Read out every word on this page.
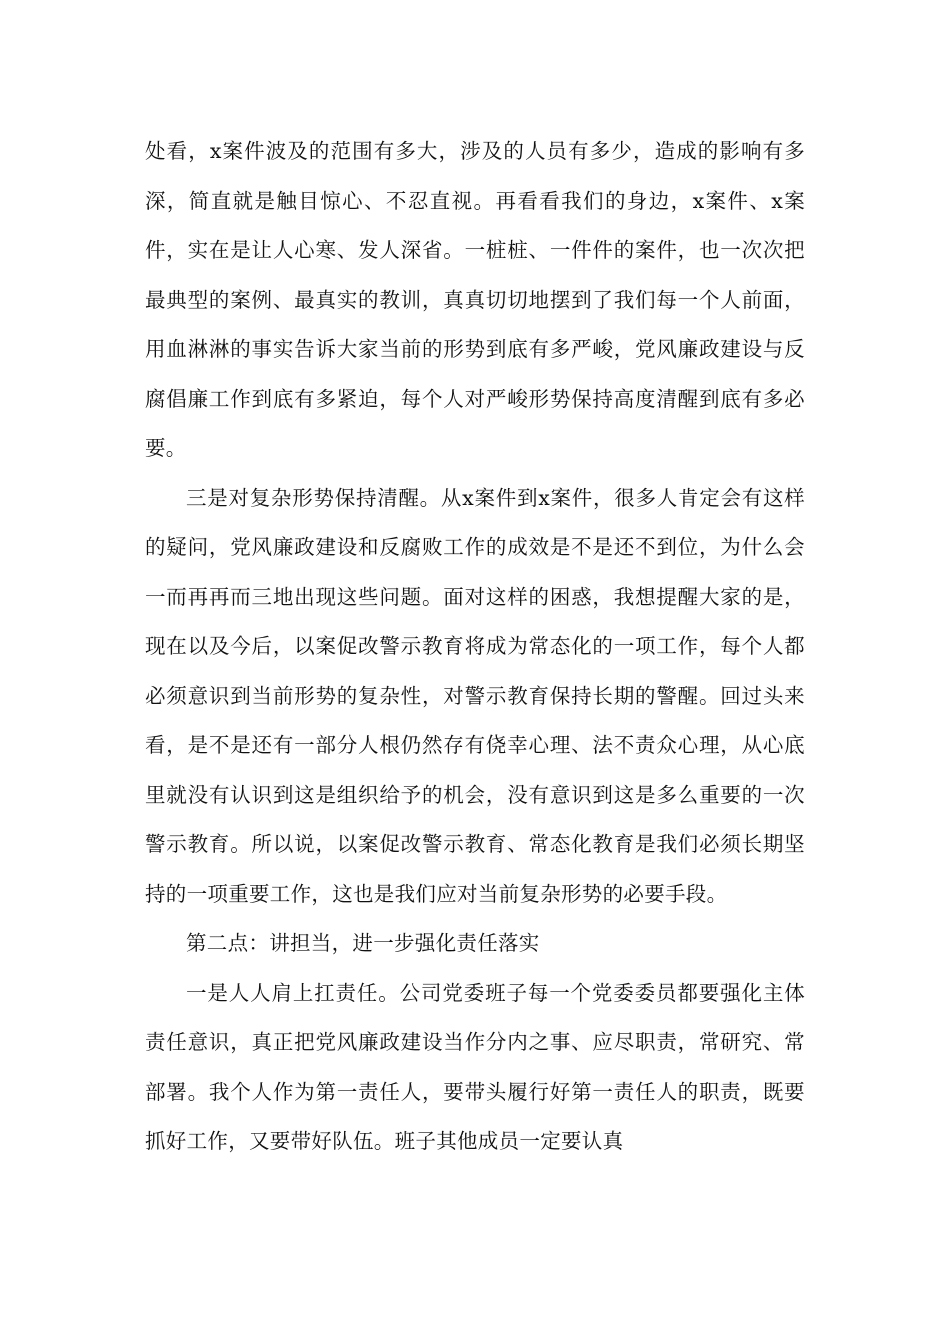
处看，x案件波及的范围有多大，涉及的人员有多少，造成的影响有多深，简直就是触目惊心、不忍直视。再看看我们的身边，x案件、x案件，实在是让人心寒、发人深省。一桩桩、一件件的案件，也一次次把最典型的案例、最真实的教训，真真切切地摆到了我们每一个人前面，用血淋淋的事实告诉大家当前的形势到底有多严峻，党风廉政建设与反腐倡廉工作到底有多紧迫，每个人对严峻形势保持高度清醒到底有多必要。

三是对复杂形势保持清醒。从x案件到x案件，很多人肯定会有这样的疑问，党风廉政建设和反腐败工作的成效是不是还不到位，为什么会一而再再而三地出现这些问题。面对这样的困惑，我想提醒大家的是，现在以及今后，以案促改警示教育将成为常态化的一项工作，每个人都必须意识到当前形势的复杂性，对警示教育保持长期的警醒。回过头来看，是不是还有一部分人根仍然存有侥幸心理、法不责众心理，从心底里就没有认识到这是组织给予的机会，没有意识到这是多么重要的一次警示教育。所以说，以案促改警示教育、常态化教育是我们必须长期坚持的一项重要工作，这也是我们应对当前复杂形势的必要手段。

第二点：讲担当，进一步强化责任落实

一是人人肩上扛责任。公司党委班子每一个党委委员都要强化主体责任意识，真正把党风廉政建设当作分内之事、应尽职责，常研究、常部署。我个人作为第一责任人，要带头履行好第一责任人的职责，既要抓好工作，又要带好队伍。班子其他成员一定要认真
